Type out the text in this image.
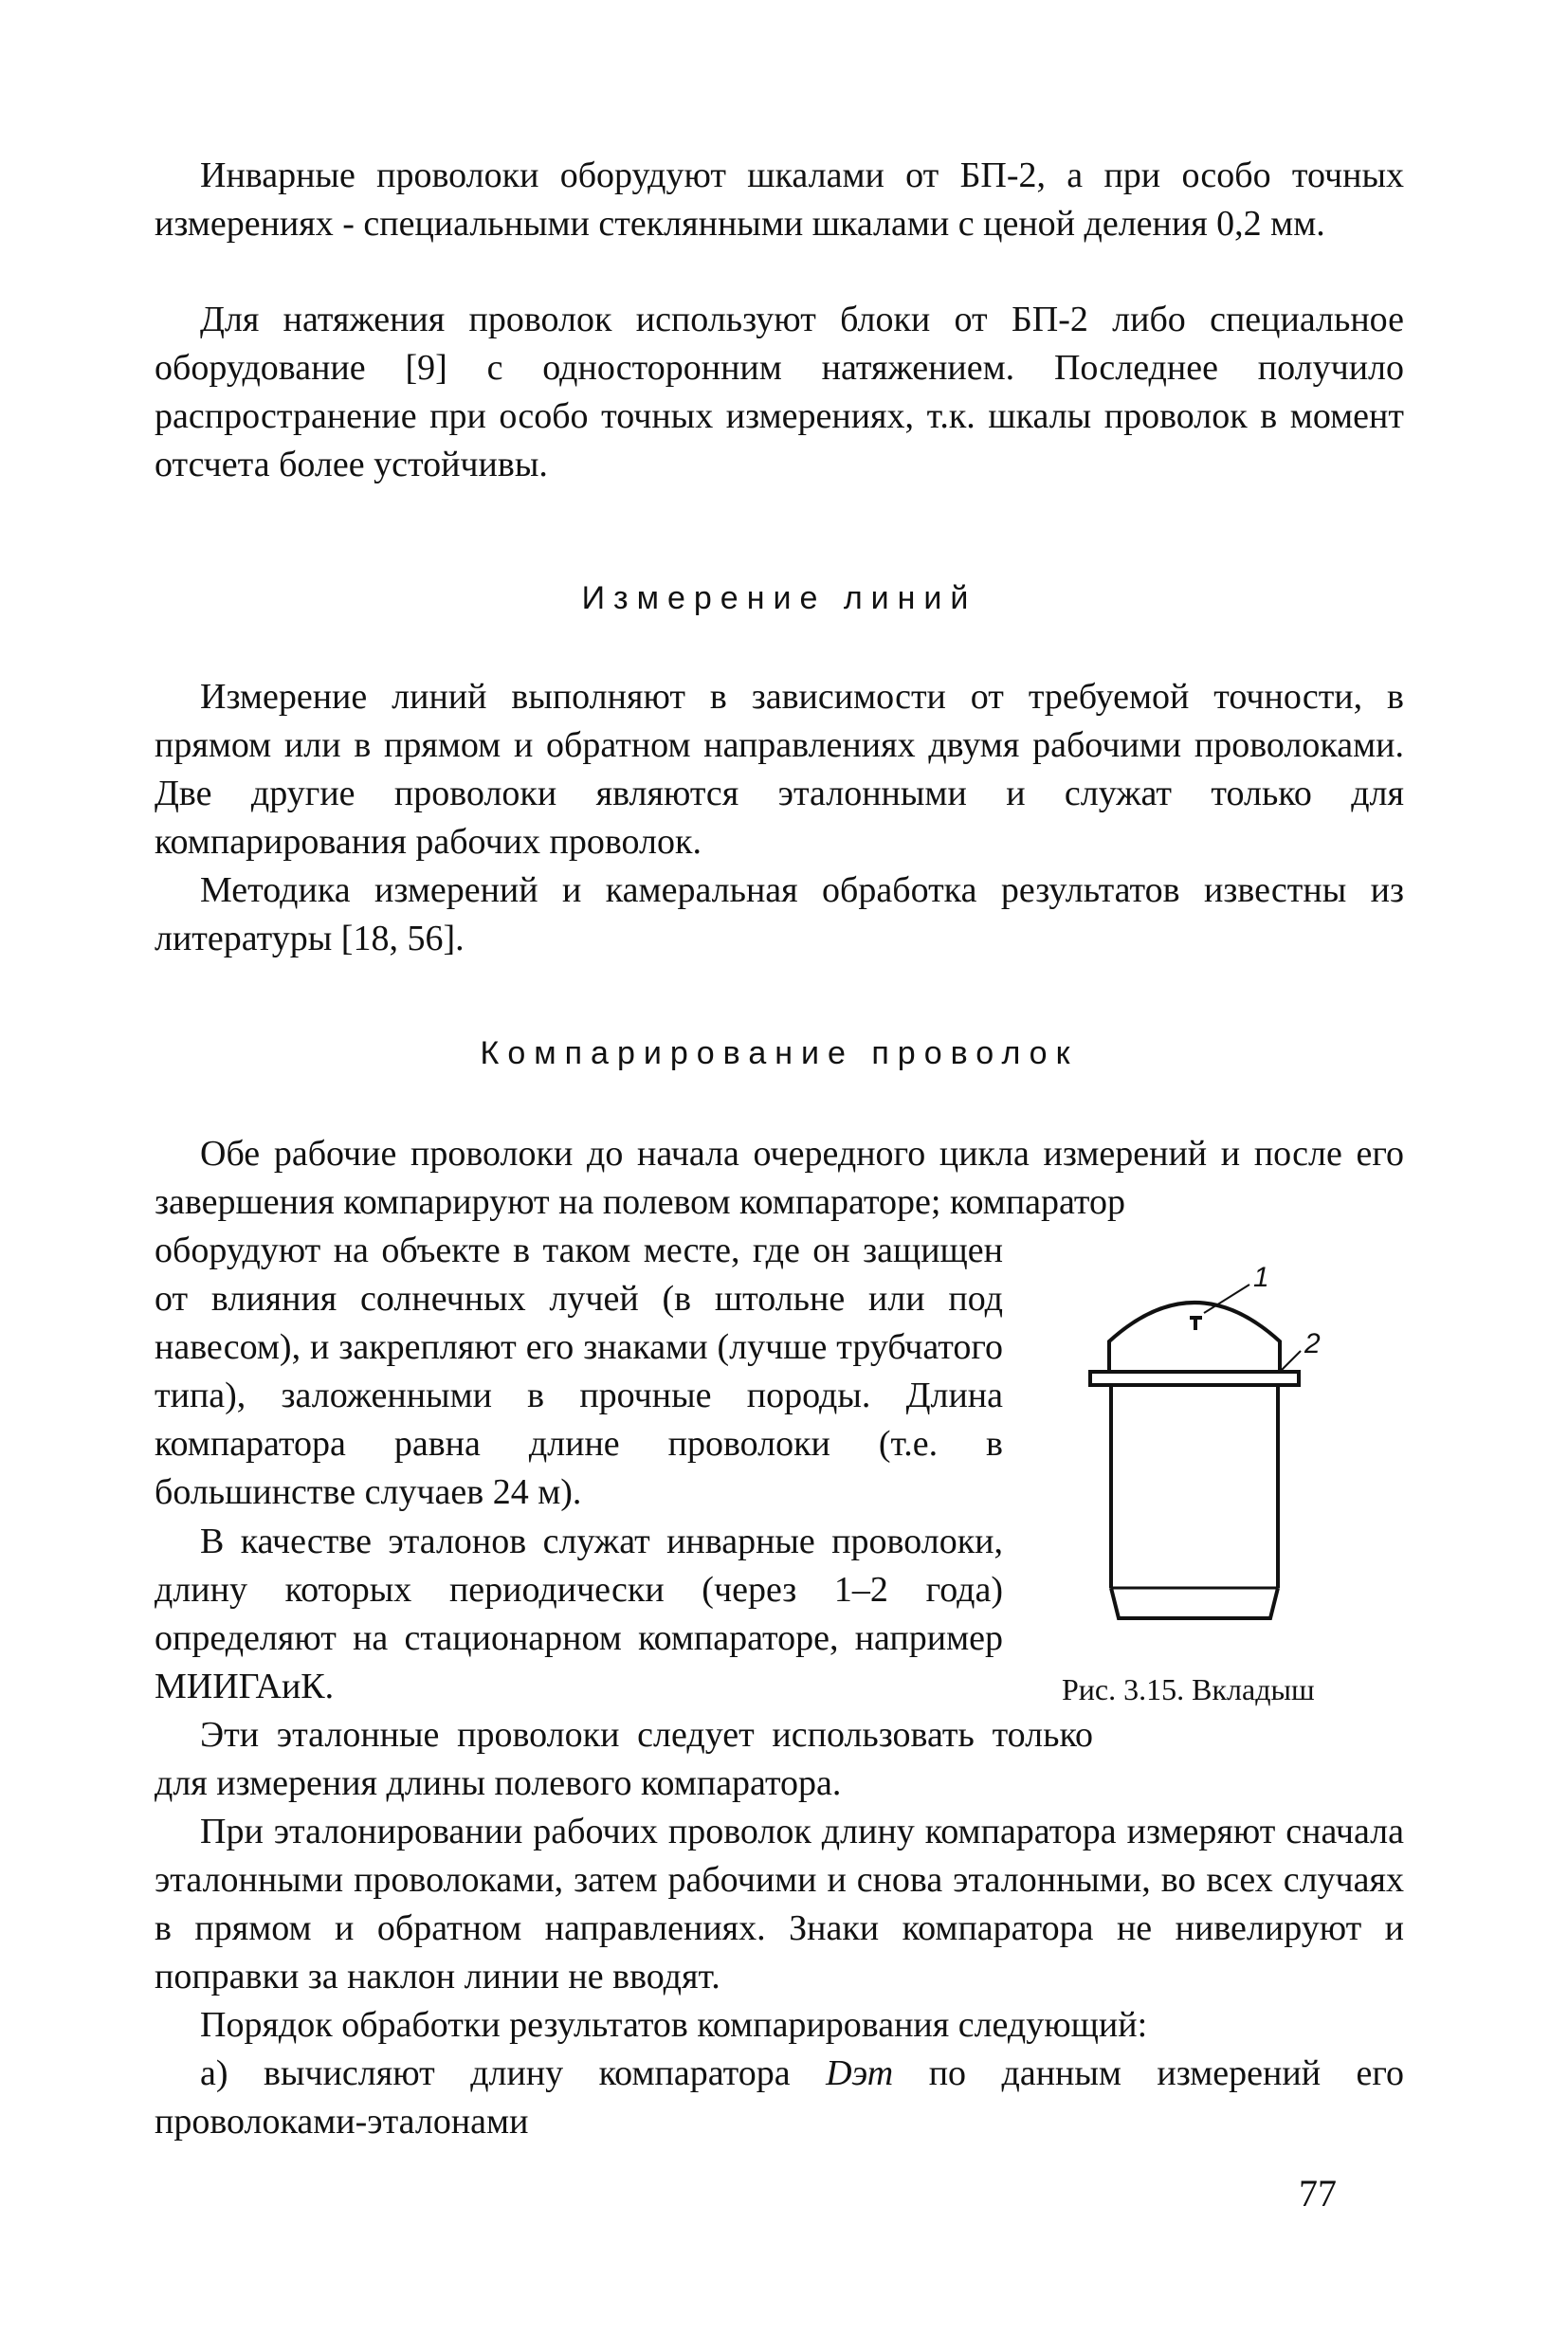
Инварные проволоки оборудуют шкалами от БП-2, а при особо точных измерениях - специальными стеклянными шкалами с ценой деления 0,2 мм.

Для натяжения проволок используют блоки от БП-2 либо специальное оборудование [9] с односторонним натяжением. Последнее получило распространение при особо точных измерениях, т.к. шкалы проволок в момент отсчета более устойчивы.

Измерение линий

Измерение линий выполняют в зависимости от требуемой точности, в прямом или в прямом и обратном направлениях двумя рабочими проволоками. Две другие проволоки являются эталонными и служат только для компарирования рабочих проволок.

Методика измерений и камеральная обработка результатов известны из литературы [18, 56].

Компарирование проволок

Обе рабочие проволоки до начала очередного цикла измерений и после его завершения компарируют на полевом компараторе; компаратор

оборудуют на объекте в таком месте, где он защищен от влияния солнечных лучей (в штольне или под навесом), и закрепляют его знаками (лучше трубчатого типа), заложенными в прочные породы. Длина компаратора равна длине проволоки (т.е. в большинстве случаев 24 м).

В качестве эталонов служат инварные проволоки, длину которых периодически (через 1–2 года) определяют на стационарном компараторе, например МИИГАиК.

Эти эталонные проволоки следует использовать только для измерения длины полевого компаратора.

При эталонировании рабочих проволок длину компаратора измеряют сначала эталонными проволоками, затем рабочими и снова эталонными, во всех случаях в прямом и обратном направлениях. Знаки компаратора не нивелируют и поправки за наклон линии не вводят.

Порядок обработки результатов компарирования следующий:

а) вычисляют длину компаратора Dэт по данным измерений его проволоками-эталонами

1
2

Рис. 3.15. Вкладыш

77
